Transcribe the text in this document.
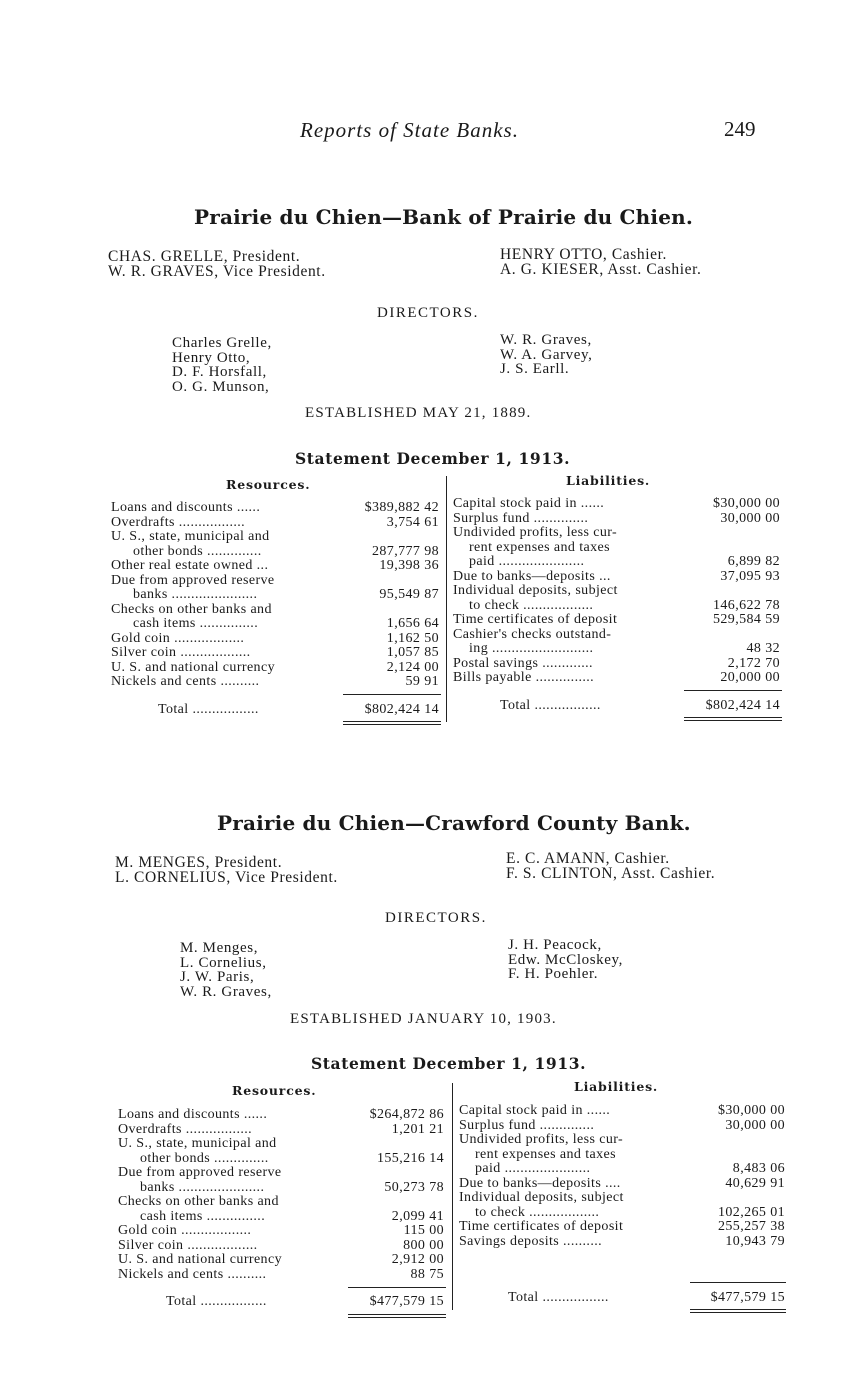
Reports of State Banks.	249
Prairie du Chien—Bank of Prairie du Chien.
CHAS. GRELLE, President.
W. R. GRAVES, Vice President.
HENRY OTTO, Cashier.
A. G. KIESER, Asst. Cashier.
DIRECTORS.
Charles Grelle,
Henry Otto,
D. F. Horsfall,
O. G. Munson,
W. R. Graves,
W. A. Garvey,
J. S. Earll.
ESTABLISHED MAY 21, 1889.
Statement December 1, 1913.
Resources.	Liabilities.
Loans and discounts ......	$389,882 42
Overdrafts .................	3,754 61
U. S., state, municipal and
other bonds ..............	287,777 98
Other real estate owned ...	19,398 36
Due from approved reserve
banks ......................	95,549 87
Checks on other banks and
cash items ...............	1,656 64
Gold coin ..................	1,162 50
Silver coin ..................	1,057 85
U. S. and national currency	2,124 00
Nickels and cents ..........	59 91
Total .................	$802,424 14
Capital stock paid in ......	$30,000 00
Surplus fund ..............	30,000 00
Undivided profits, less cur-
rent expenses and taxes
paid ......................	6,899 82
Due to banks—deposits ...	37,095 93
Individual deposits, subject
to check ..................	146,622 78
Time certificates of deposit	529,584 59
Cashier's checks outstand-
ing ..........................	48 32
Postal savings .............	2,172 70
Bills payable ...............	20,000 00
Total .................	$802,424 14
Prairie du Chien—Crawford County Bank.
M. MENGES, President.
L. CORNELIUS, Vice President.
E. C. AMANN, Cashier.
F. S. CLINTON, Asst. Cashier.
DIRECTORS.
M. Menges,
L. Cornelius,
J. W. Paris,
W. R. Graves,
J. H. Peacock,
Edw. McCloskey,
F. H. Poehler.
ESTABLISHED JANUARY 10, 1903.
Statement December 1, 1913.
Resources.	Liabilities.
Loans and discounts ......	$264,872 86
Overdrafts .................	1,201 21
U. S., state, municipal and
other bonds ..............	155,216 14
Due from approved reserve
banks ......................	50,273 78
Checks on other banks and
cash items ...............	2,099 41
Gold coin ..................	115 00
Silver coin ..................	800 00
U. S. and national currency	2,912 00
Nickels and cents ..........	88 75
Total .................	$477,579 15
Capital stock paid in ......	$30,000 00
Surplus fund ..............	30,000 00
Undivided profits, less cur-
rent expenses and taxes
paid ......................	8,483 06
Due to banks—deposits ....	40,629 91
Individual deposits, subject
to check ..................	102,265 01
Time certificates of deposit	255,257 38
Savings deposits ..........	10,943 79
Total .................	$477,579 15
